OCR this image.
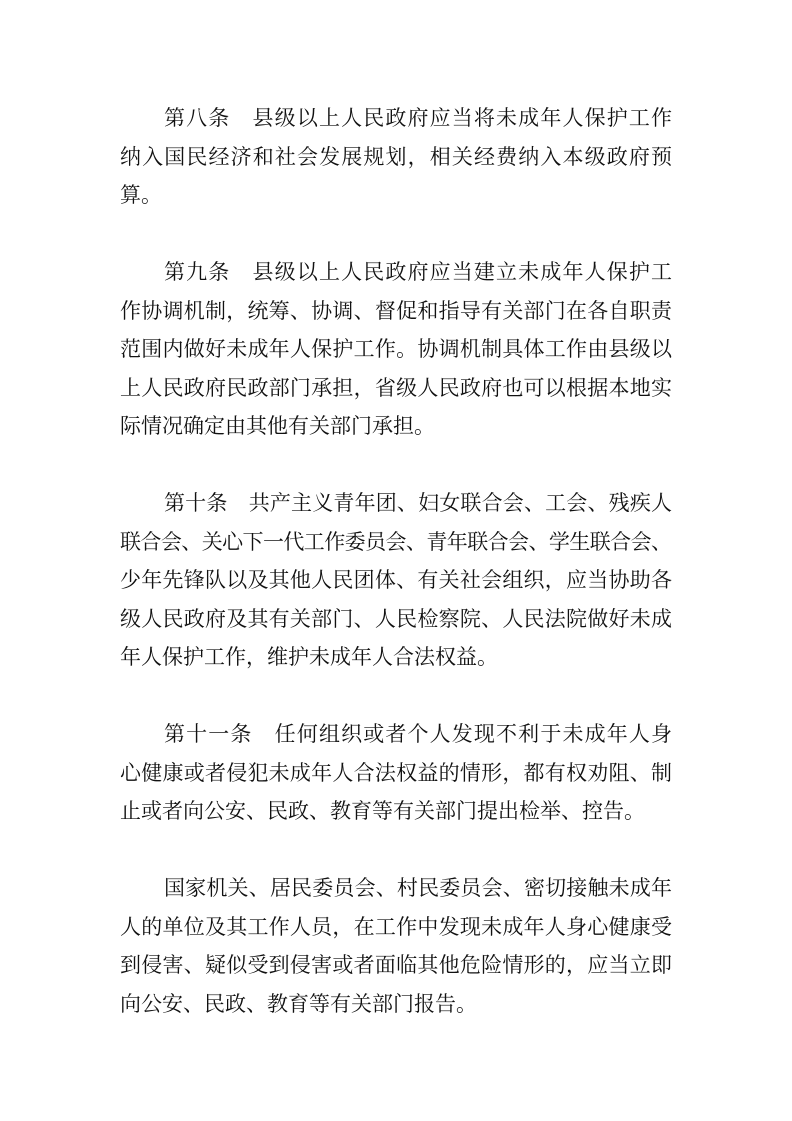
第八条　县级以上人民政府应当将未成年人保护工作
纳入国民经济和社会发展规划，相关经费纳入本级政府预
算。
第九条　县级以上人民政府应当建立未成年人保护工
作协调机制，统筹、协调、督促和指导有关部门在各自职责
范围内做好未成年人保护工作。协调机制具体工作由县级以
上人民政府民政部门承担，省级人民政府也可以根据本地实
际情况确定由其他有关部门承担。
第十条　共产主义青年团、妇女联合会、工会、残疾人
联合会、关心下一代工作委员会、青年联合会、学生联合会、
少年先锋队以及其他人民团体、有关社会组织，应当协助各
级人民政府及其有关部门、人民检察院、人民法院做好未成
年人保护工作，维护未成年人合法权益。
第十一条　任何组织或者个人发现不利于未成年人身
心健康或者侵犯未成年人合法权益的情形，都有权劝阻、制
止或者向公安、民政、教育等有关部门提出检举、控告。
国家机关、居民委员会、村民委员会、密切接触未成年
人的单位及其工作人员，在工作中发现未成年人身心健康受
到侵害、疑似受到侵害或者面临其他危险情形的，应当立即
向公安、民政、教育等有关部门报告。
